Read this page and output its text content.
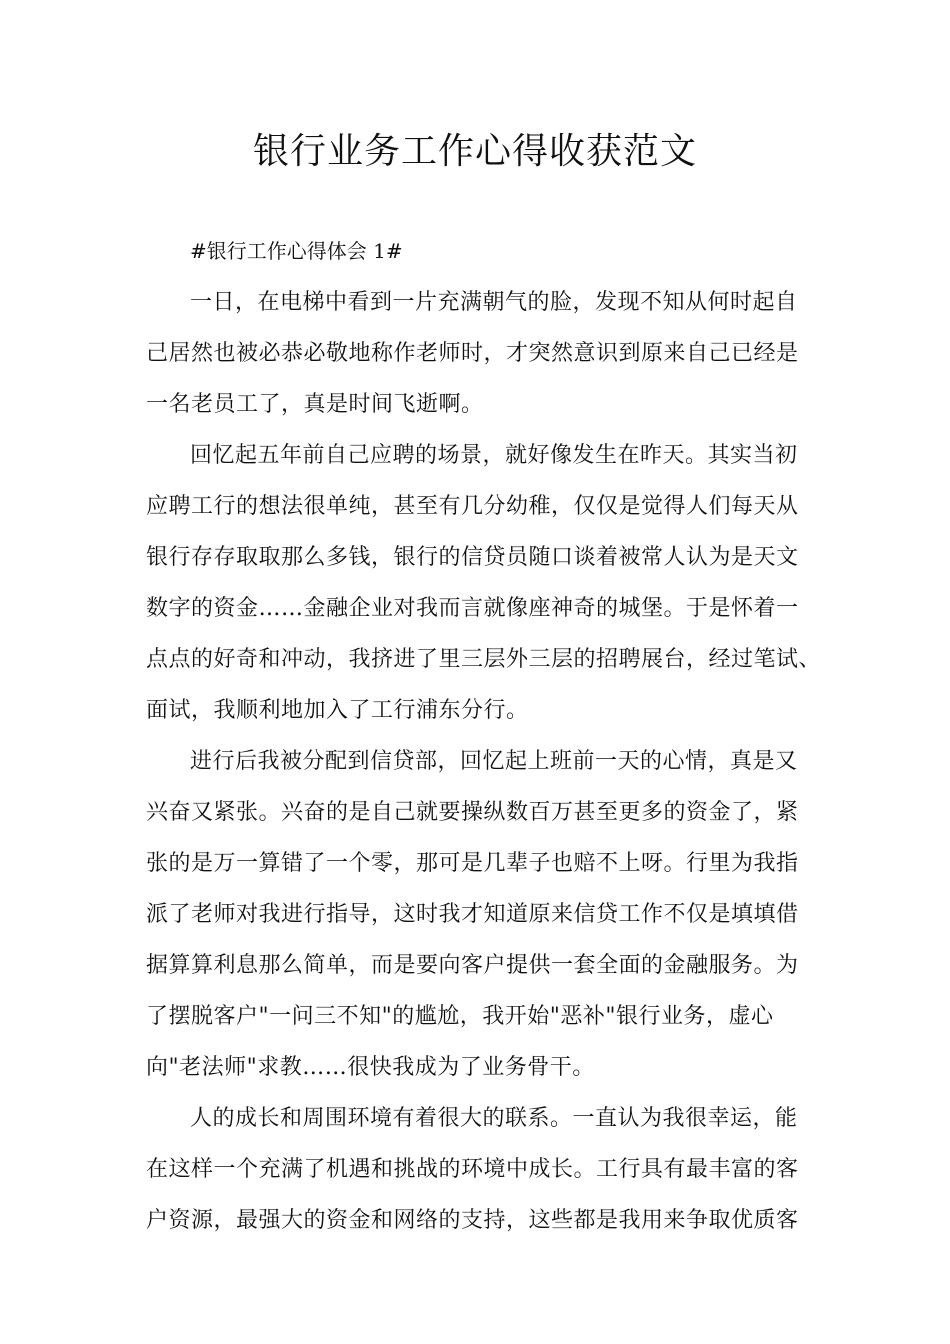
银行业务工作心得收获范文

#银行工作心得体会 1#

一日，在电梯中看到一片充满朝气的脸，发现不知从何时起自
己居然也被必恭必敬地称作老师时，才突然意识到原来自己已经是
一名老员工了，真是时间飞逝啊。

回忆起五年前自己应聘的场景，就好像发生在昨天。其实当初
应聘工行的想法很单纯，甚至有几分幼稚，仅仅是觉得人们每天从
银行存存取取那么多钱，银行的信贷员随口谈着被常人认为是天文
数字的资金……金融企业对我而言就像座神奇的城堡。于是怀着一
点点的好奇和冲动，我挤进了里三层外三层的招聘展台，经过笔试、
面试，我顺利地加入了工行浦东分行。

进行后我被分配到信贷部，回忆起上班前一天的心情，真是又
兴奋又紧张。兴奋的是自己就要操纵数百万甚至更多的资金了，紧
张的是万一算错了一个零，那可是几辈子也赔不上呀。行里为我指
派了老师对我进行指导，这时我才知道原来信贷工作不仅是填填借
据算算利息那么简单，而是要向客户提供一套全面的金融服务。为
了摆脱客户"一问三不知"的尴尬，我开始"恶补"银行业务，虚心
向"老法师"求教……很快我成为了业务骨干。

人的成长和周围环境有着很大的联系。一直认为我很幸运，能
在这样一个充满了机遇和挑战的环境中成长。工行具有最丰富的客
户资源，最强大的资金和网络的支持，这些都是我用来争取优质客
